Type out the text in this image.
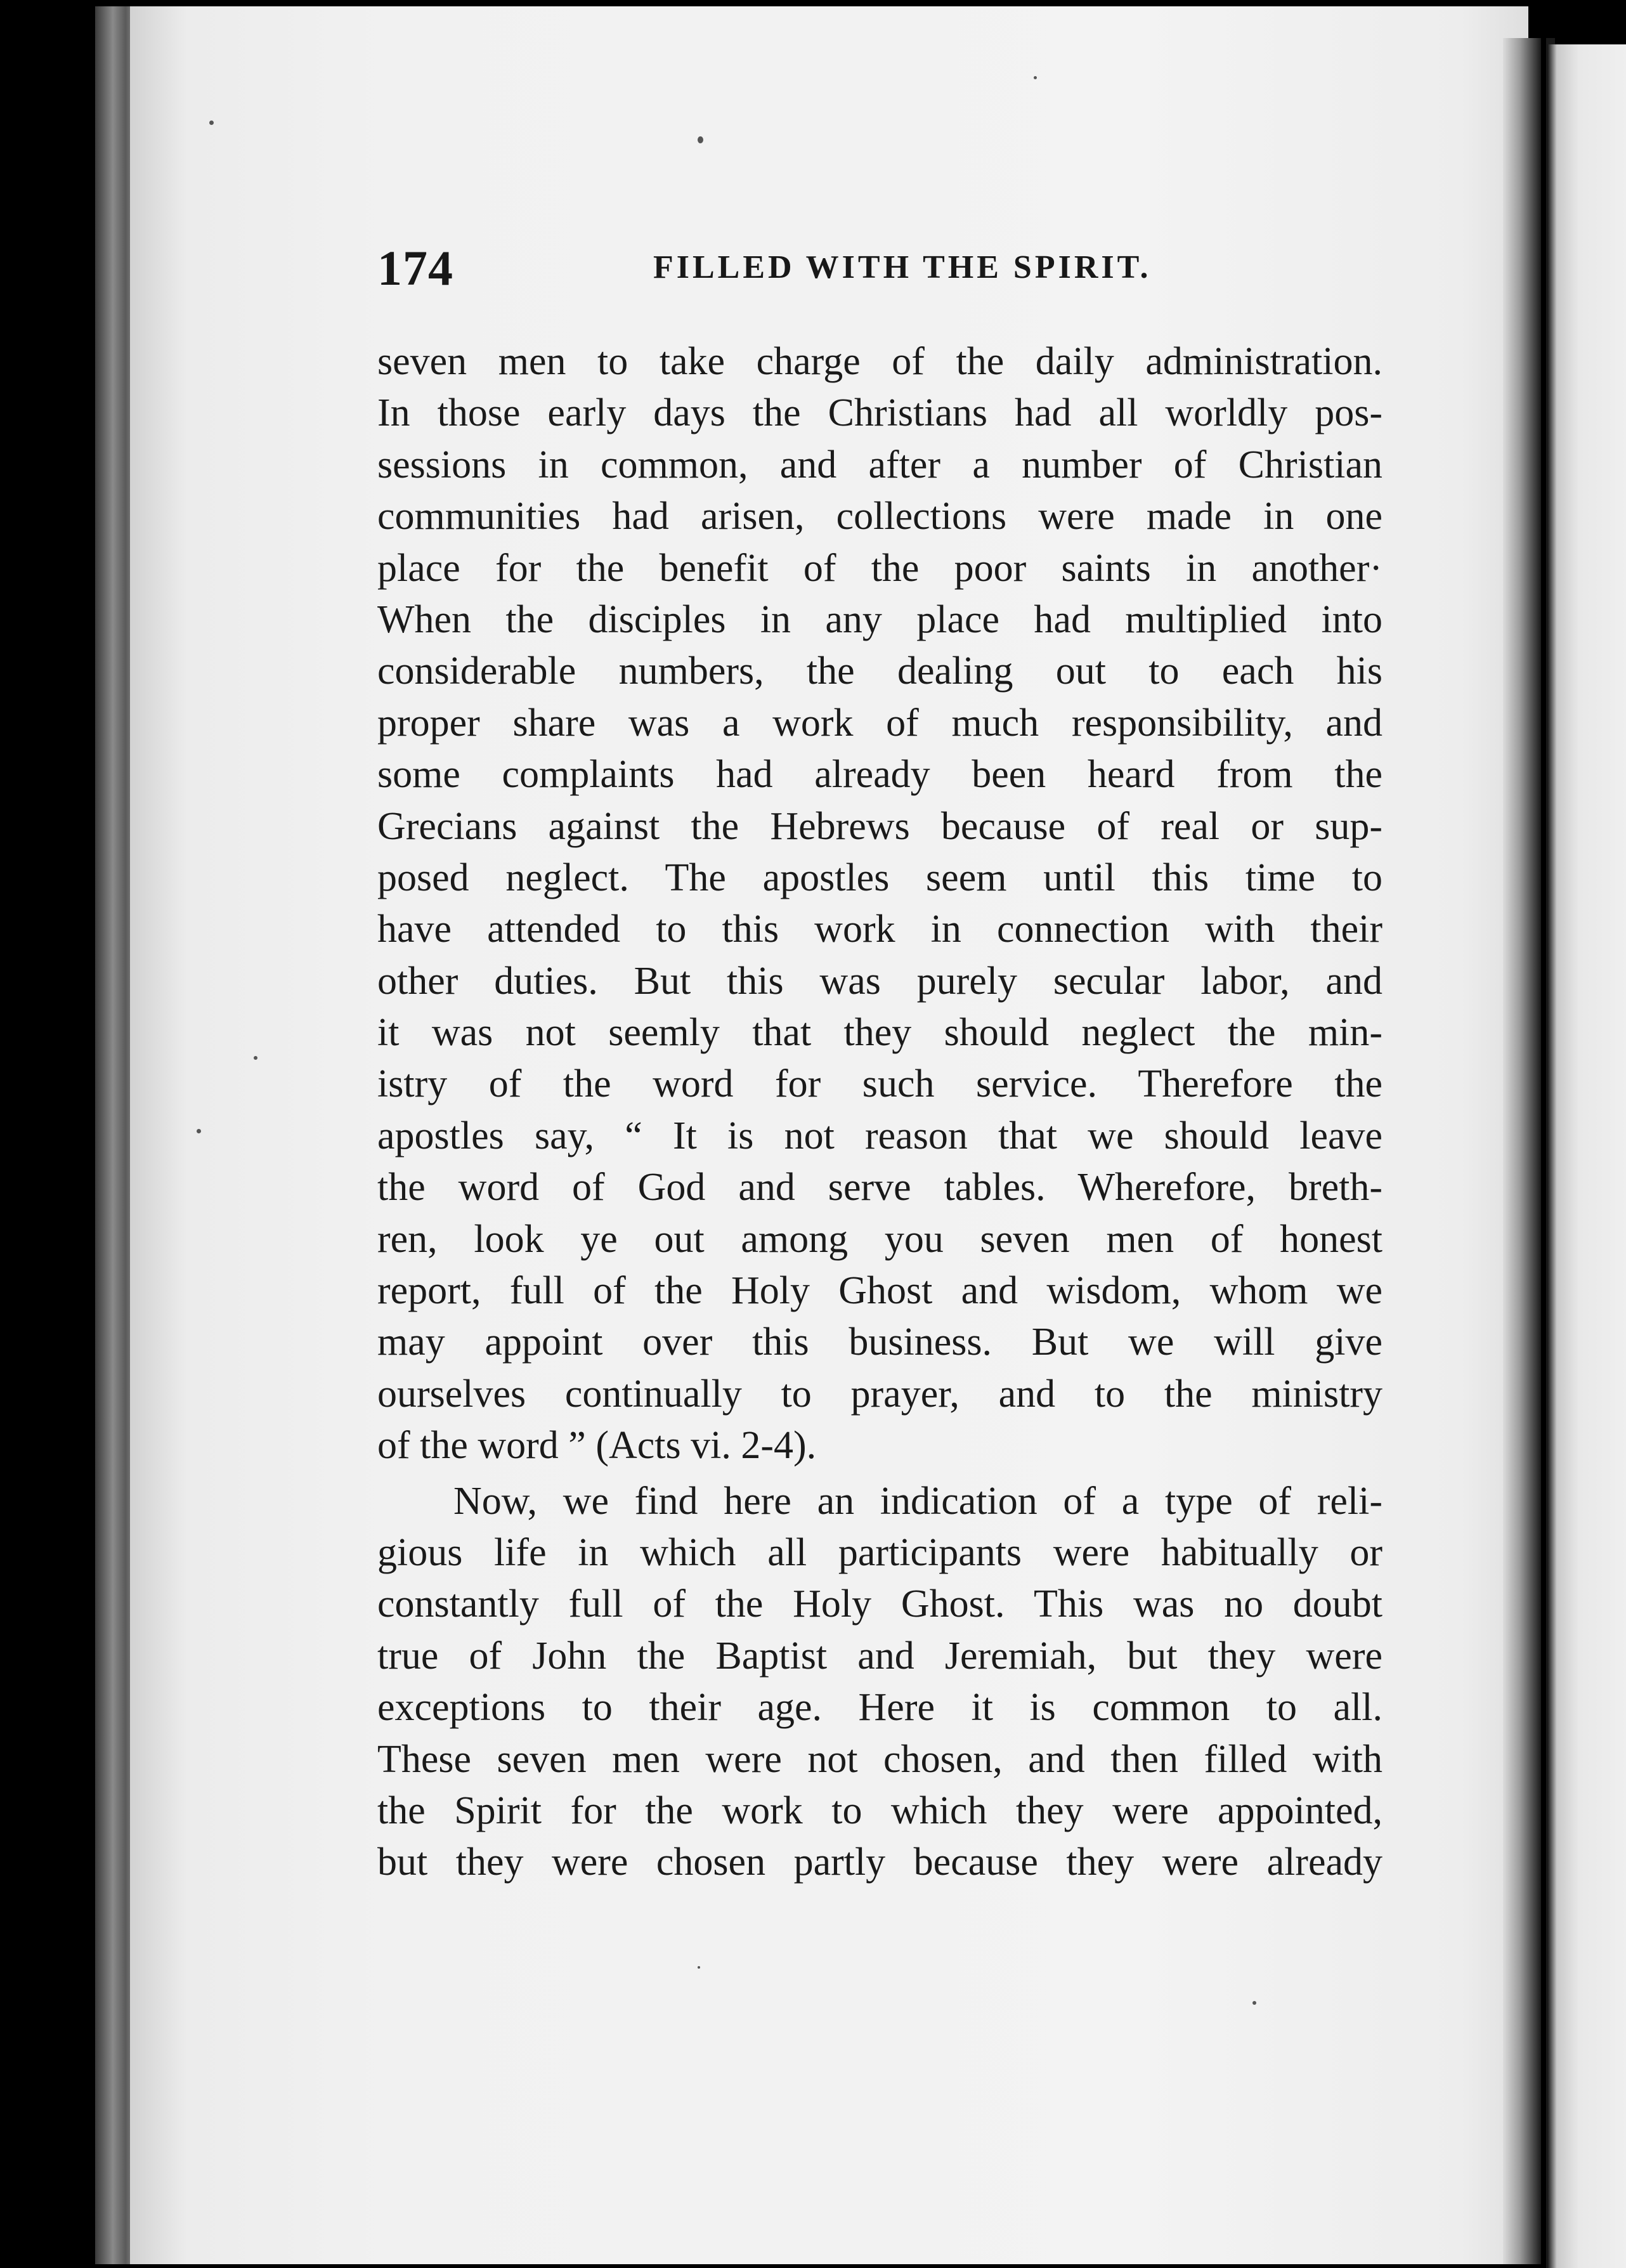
174	FILLED WITH THE SPIRIT.
seven men to take charge of the daily administration.
In those early days the Christians had all worldly pos-
sessions in common, and after a number of Christian
communities had arisen, collections were made in one
place for the benefit of the poor saints in another·
When the disciples in any place had multiplied into
considerable numbers, the dealing out to each his
proper share was a work of much responsibility, and
some complaints had already been heard from the
Grecians against the Hebrews because of real or sup-
posed neglect. The apostles seem until this time to
have attended to this work in connection with their
other duties. But this was purely secular labor, and
it was not seemly that they should neglect the min-
istry of the word for such service. Therefore the
apostles say, “ It is not reason that we should leave
the word of God and serve tables. Wherefore, breth-
ren, look ye out among you seven men of honest
report, full of the Holy Ghost and wisdom, whom we
may appoint over this business. But we will give
ourselves continually to prayer, and to the ministry
of the word ” (Acts vi. 2-4).
Now, we find here an indication of a type of reli-
gious life in which all participants were habitually or
constantly full of the Holy Ghost. This was no doubt
true of John the Baptist and Jeremiah, but they were
exceptions to their age. Here it is common to all.
These seven men were not chosen, and then filled with
the Spirit for the work to which they were appointed,
but they were chosen partly because they were already
